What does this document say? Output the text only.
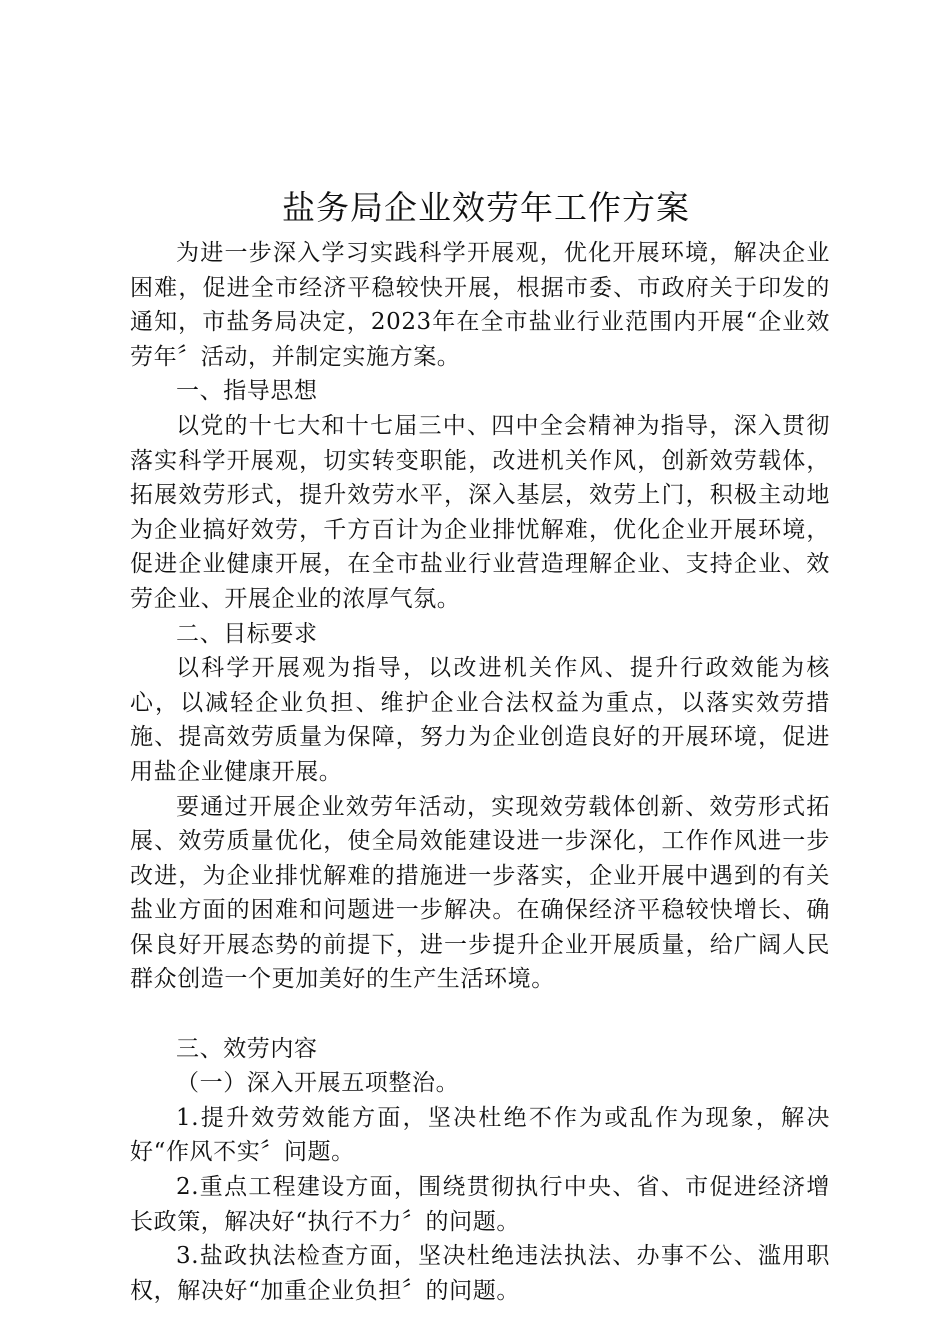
盐务局企业效劳年工作方案

为进一步深入学习实践科学开展观，优化开展环境，解决企业困难，促进全市经济平稳较快开展，根据市委、市政府关于印发的通知，市盐务局决定，2023年在全市盐业行业范围内开展“企业效劳年〞活动，并制定实施方案。

一、指导思想

以党的十七大和十七届三中、四中全会精神为指导，深入贯彻落实科学开展观，切实转变职能，改进机关作风，创新效劳载体，拓展效劳形式，提升效劳水平，深入基层，效劳上门，积极主动地为企业搞好效劳，千方百计为企业排忧解难，优化企业开展环境，促进企业健康开展，在全市盐业行业营造理解企业、支持企业、效劳企业、开展企业的浓厚气氛。

二、目标要求

以科学开展观为指导，以改进机关作风、提升行政效能为核心，以减轻企业负担、维护企业合法权益为重点，以落实效劳措施、提高效劳质量为保障，努力为企业创造良好的开展环境，促进用盐企业健康开展。

要通过开展企业效劳年活动，实现效劳载体创新、效劳形式拓展、效劳质量优化，使全局效能建设进一步深化，工作作风进一步改进，为企业排忧解难的措施进一步落实，企业开展中遇到的有关盐业方面的困难和问题进一步解决。在确保经济平稳较快增长、确保良好开展态势的前提下，进一步提升企业开展质量，给广阔人民群众创造一个更加美好的生产生活环境。

三、效劳内容

（一）深入开展五项整治。

1.提升效劳效能方面，坚决杜绝不作为或乱作为现象，解决好“作风不实〞问题。

2.重点工程建设方面，围绕贯彻执行中央、省、市促进经济增长政策，解决好“执行不力〞的问题。

3.盐政执法检查方面，坚决杜绝违法执法、办事不公、滥用职权，解决好“加重企业负担〞的问题。
